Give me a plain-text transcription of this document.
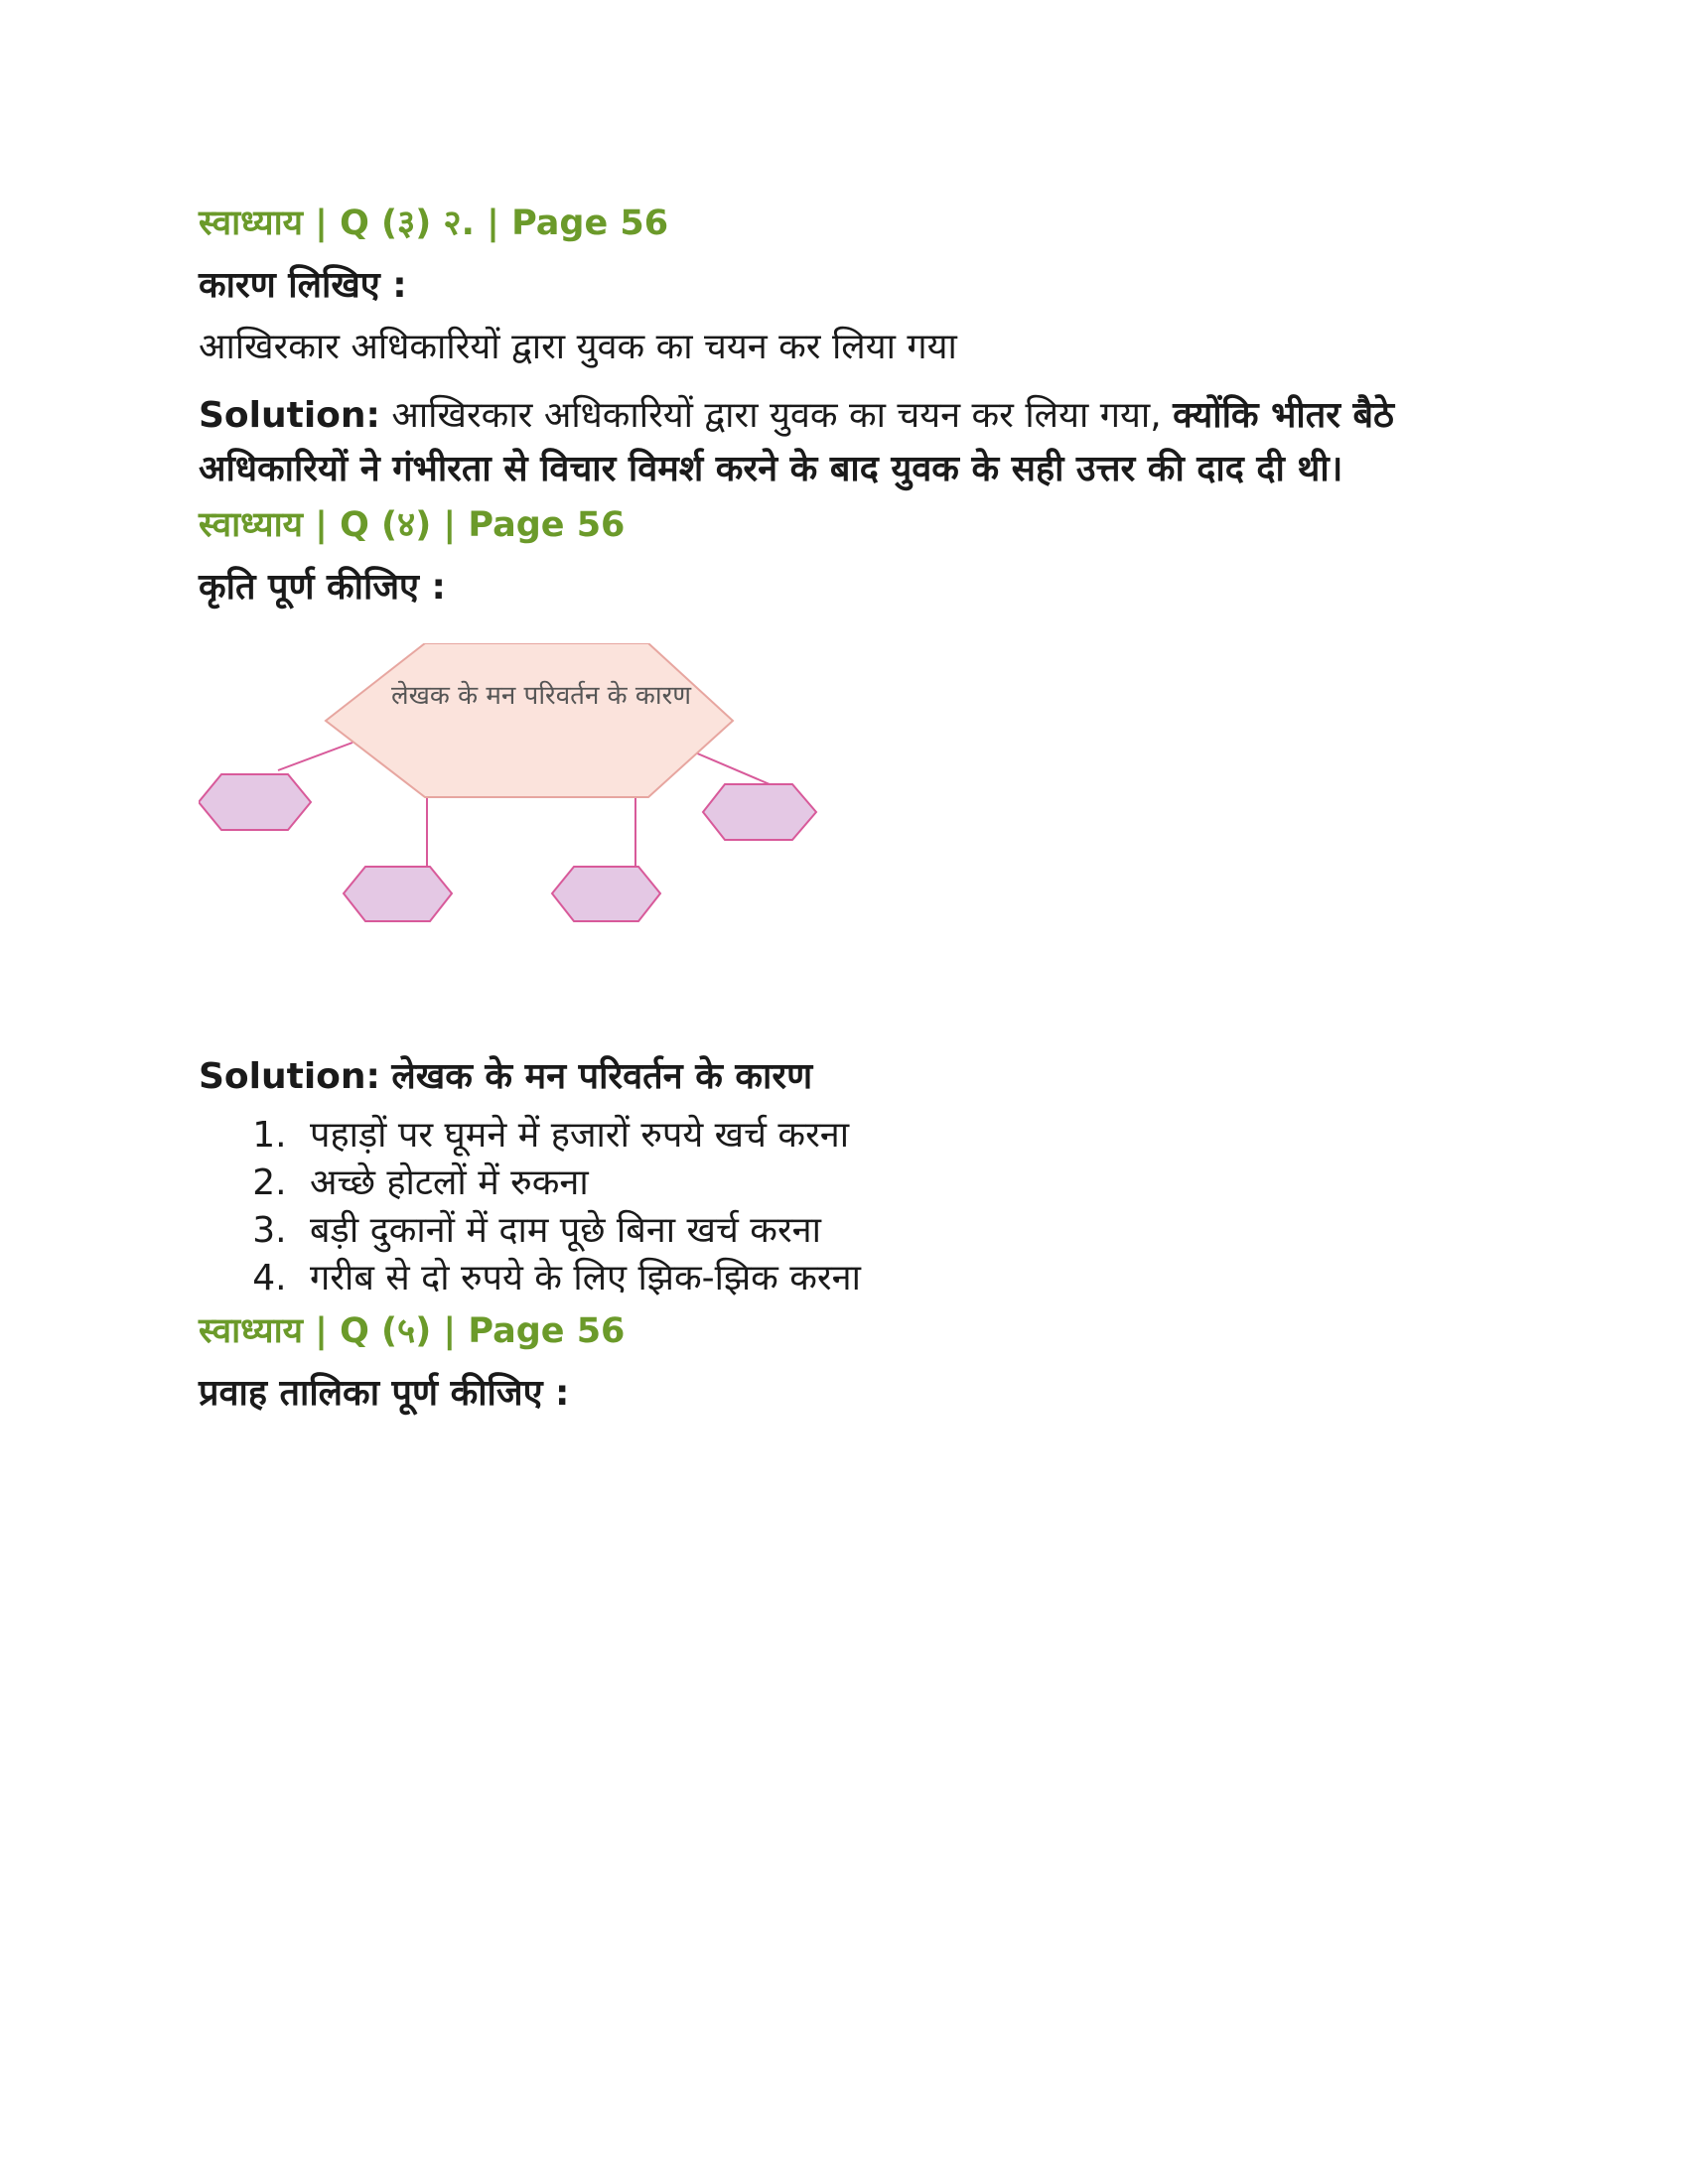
स्वाध्याय | Q (३) २. | Page 56

कारण लिखिए :

आखिरकार अधिकारियों द्वारा युवक का चयन कर लिया गया

Solution: आखिरकार अधिकारियों द्वारा युवक का चयन कर लिया गया, क्योंकि भीतर बैठे अधिकारियों ने गंभीरता से विचार विमर्श करने के बाद युवक के सही उत्तर की दाद दी थी।

स्वाध्याय | Q (४) | Page 56

कृति पूर्ण कीजिए :

लेखक के मन परिवर्तन के कारण

Solution: लेखक के मन परिवर्तन के कारण

1. पहाड़ों पर घूमने में हजारों रुपये खर्च करना
2. अच्छे होटलों में रुकना
3. बड़ी दुकानों में दाम पूछे बिना खर्च करना
4. गरीब से दो रुपये के लिए झिक-झिक करना

स्वाध्याय | Q (५) | Page 56

प्रवाह तालिका पूर्ण कीजिए :
